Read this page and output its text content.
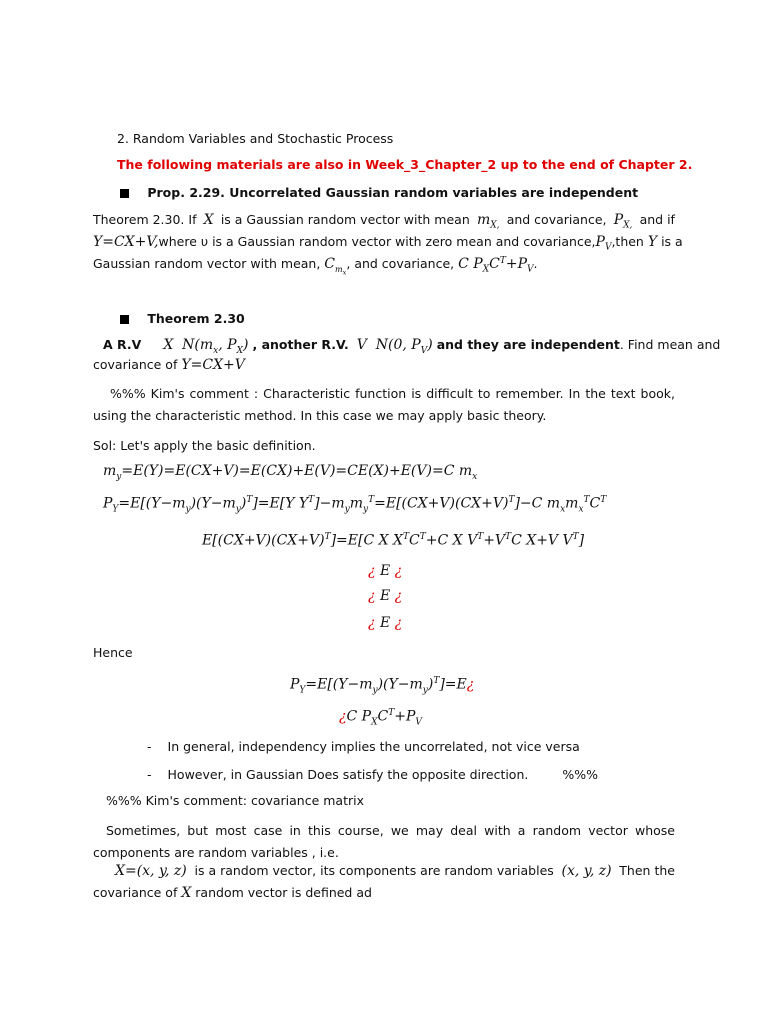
2. Random Variables and Stochastic Process
The following materials are also in Week_3_Chapter_2 up to the end of Chapter 2.
Prop. 2.29. Uncorrelated Gaussian random variables are independent
Theorem 2.30. If X is a Gaussian random vector with mean $m_{X,}$ and covariance, $P_{X,}$ and if
Y=CX+V, where υ is a Gaussian random vector with zero mean and covariance, $P_V$, then Y is a
Gaussian random vector with mean, $C_{m_x}$, and covariance, C $P_XC^T+P_V$.
Theorem 2.30
A R.V X  $N(m_x$, $P_X$) , another R.V. V  N(0, $P_V$) and they are independent . Find mean and
covariance of Y=CX+V
%%% Kim's comment : Characteristic function is difficult to remember. In the text book, using the characteristic method. In this case we may apply basic theory.
Sol: Let's apply the basic definition.
$m_y=E(Y)=E(CX+V)=E(CX)+E(V)=CE(X)+E(V)=C$ $m_x$
$P_Y=E[(Y-m_y)(Y-m_y)^T]=E[Y$ $Y^T]-m_ym_y^T=E[(CX+V)(CX+V)^T]-C$ $m_xm_x^TC^T$
$E[(CX+V)(CX+V)^T]=E[C$ X $X^TC^T+C$ X $V^T+V^TC$ X+V $V^T$]
¿ E ¿
¿ E ¿
¿ E ¿
Hence
$P_Y=E[(Y-m_y)(Y-m_y)^T]=E¿$
¿C $P_XC^T+P_V$
- In general, independency implies the uncorrelated, not vice versa
- However, in Gaussian Does satisfy the opposite direction.	%%%
%%% Kim's comment: covariance matrix
Sometimes, but most case in this course, we may deal with a random vector whose components are random variables , i.e.
X=(x, y, z) is a random vector, its components are random variables (x, y, z) Then the
covariance of X random vector is defined ad
